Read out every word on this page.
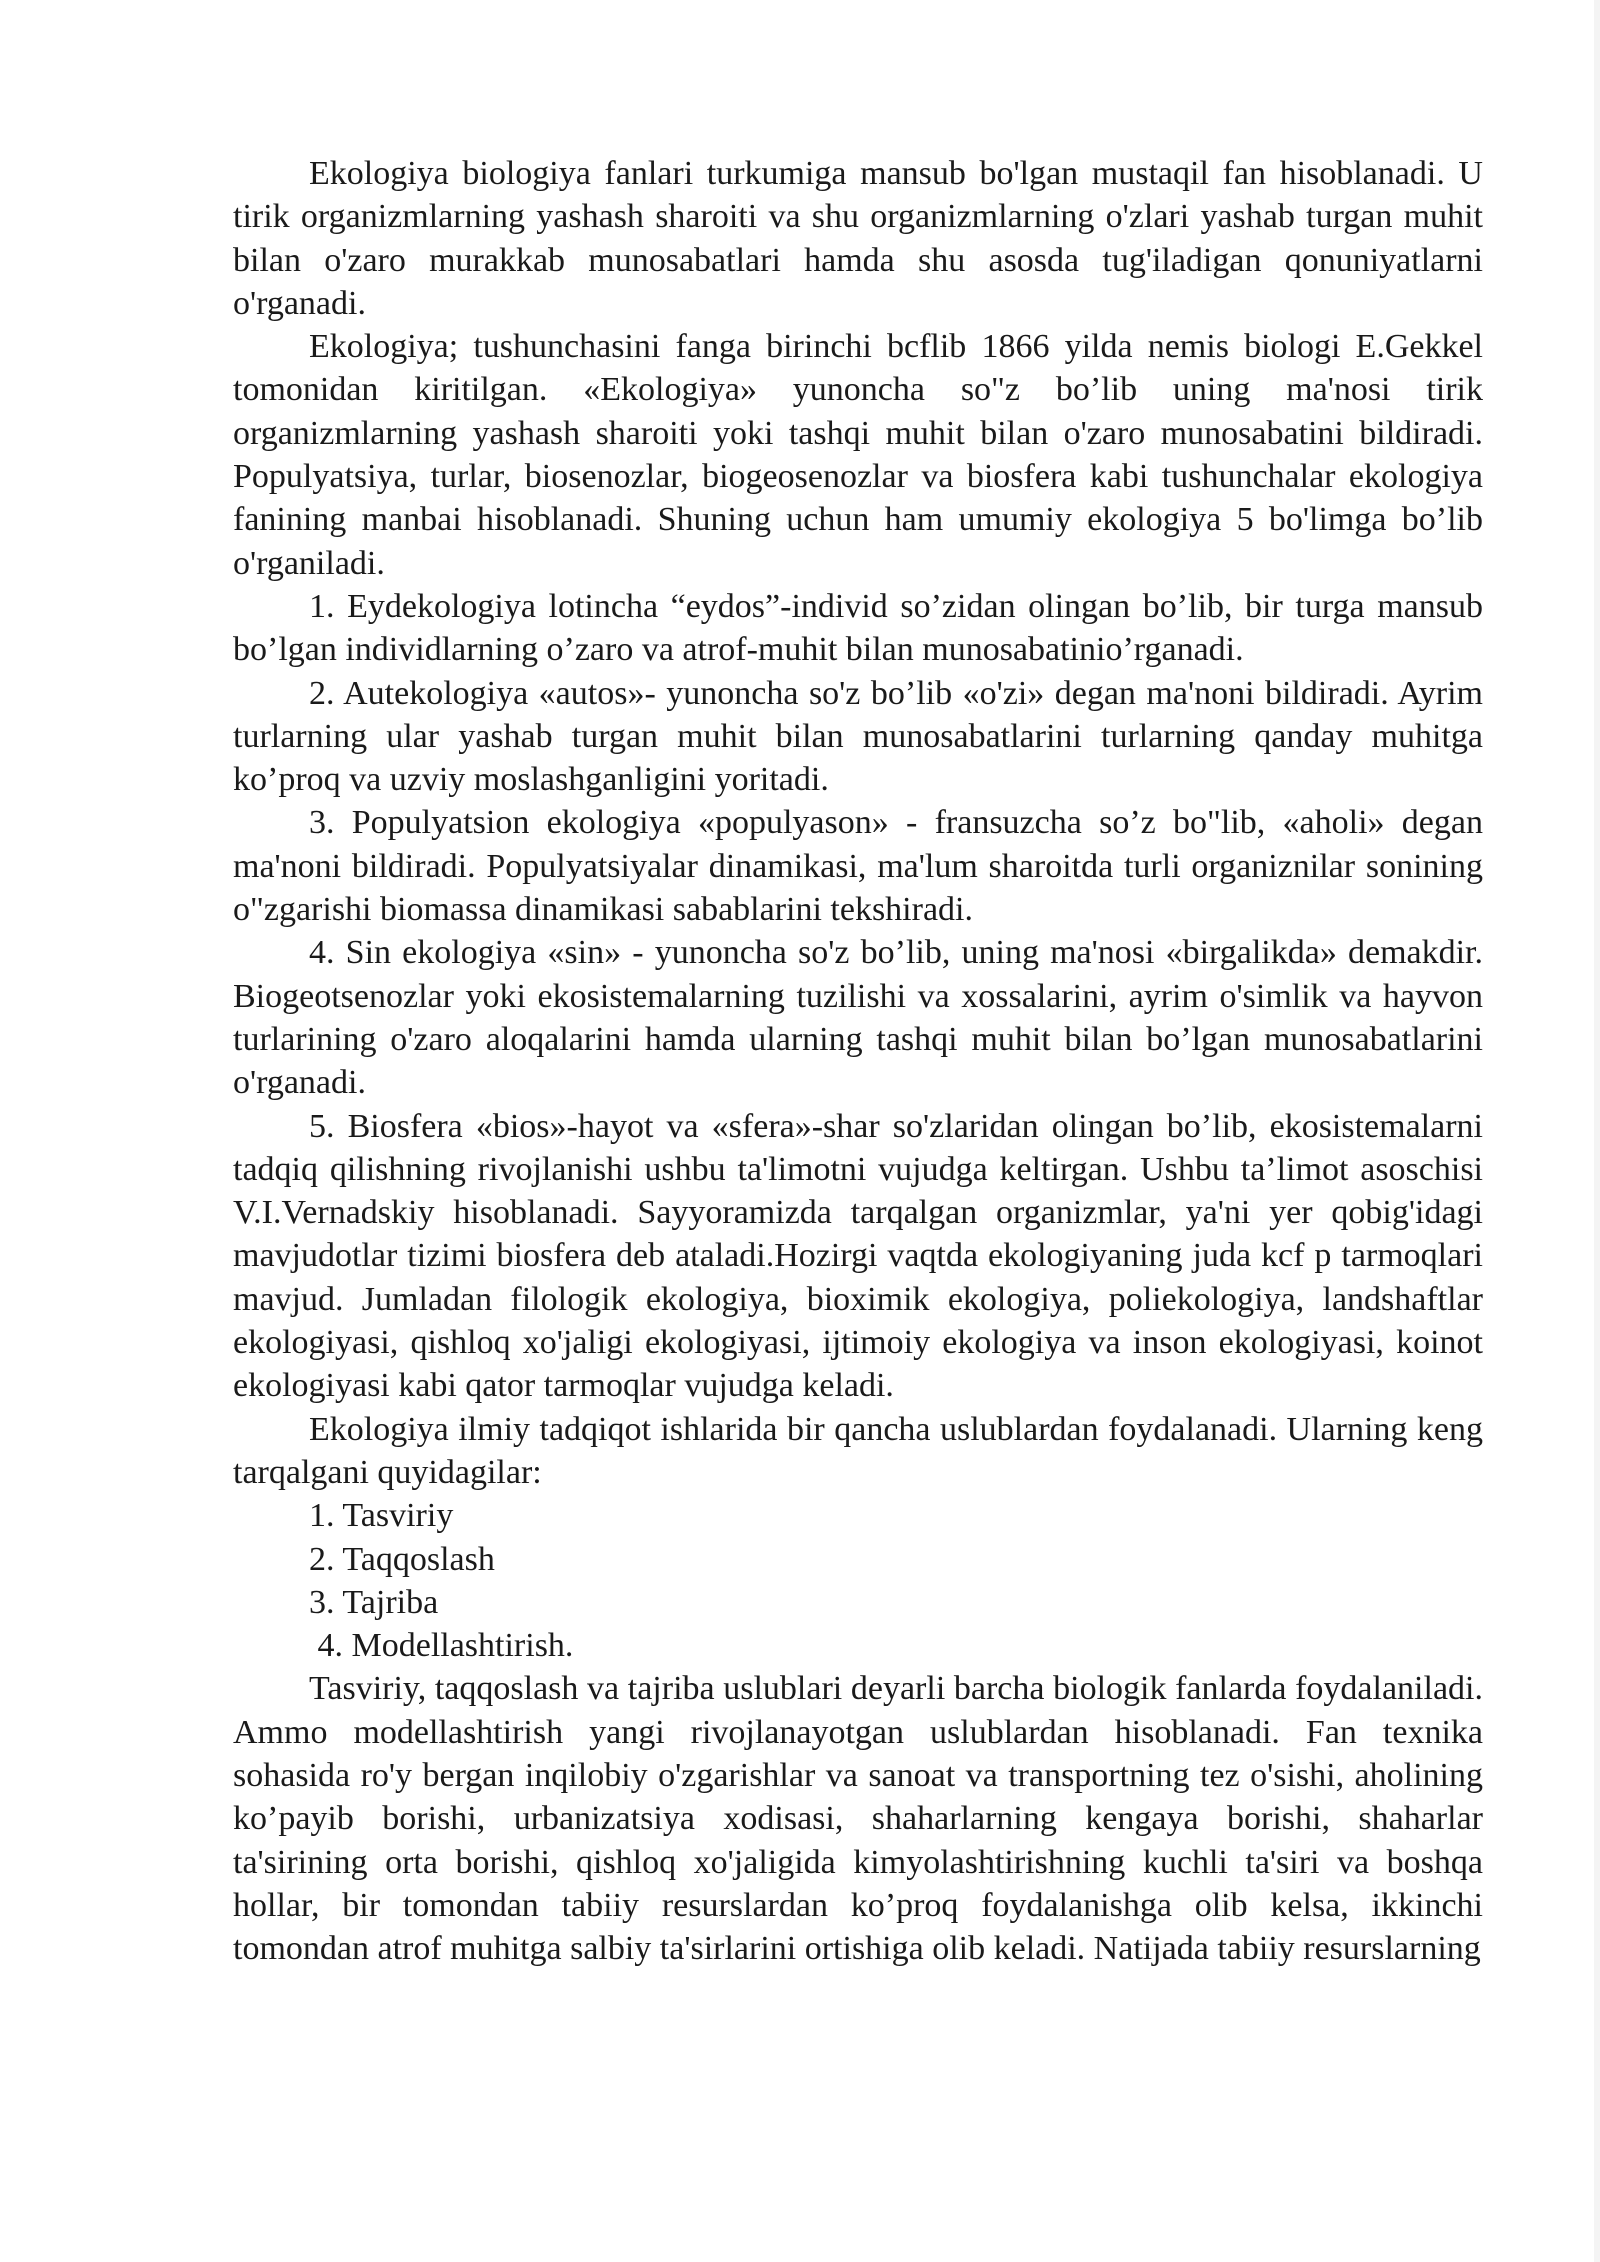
Ekologiya biologiya fanlari turkumiga mansub bo'lgan mustaqil fan hisoblanadi. U tirik organizmlarning yashash sharoiti va shu organizmlarning o'zlari yashab turgan muhit bilan o'zaro murakkab munosabatlari hamda shu asosda tug'iladigan qonuniyatlarni o'rganadi.

Ekologiya; tushunchasini fanga birinchi bcflib 1866 yilda nemis biologi E.Gekkel tomonidan kiritilgan. «Ekologiya» yunoncha so"z bo’lib uning ma'nosi tirik organizmlarning yashash sharoiti yoki tashqi muhit bilan o'zaro munosabatini bildiradi. Populyatsiya, turlar, biosenozlar, biogeosenozlar va biosfera kabi tushunchalar ekologiya fanining manbai hisoblanadi. Shuning uchun ham umumiy ekologiya 5 bo'limga bo’lib o'rganiladi.

1. Eydekologiya lotincha “eydos”-individ so’zidan olingan bo’lib, bir turga mansub bo’lgan individlarning o’zaro va atrof-muhit bilan munosabatinio’rganadi.

2. Autekologiya «autos»- yunoncha so'z bo’lib «o'zi» degan ma'noni bildiradi. Ayrim turlarning ular yashab turgan muhit bilan munosabatlarini turlarning qanday muhitga ko’proq va uzviy moslashganligini yoritadi.

3. Populyatsion ekologiya «populyason» - fransuzcha so’z bo"lib, «aholi» degan ma'noni bildiradi. Populyatsiyalar dinamikasi, ma'lum sharoitda turli organiznilar sonining o"zgarishi biomassa dinamikasi sabablarini tekshiradi.

4. Sin ekologiya «sin» - yunoncha so'z bo’lib, uning ma'nosi «birgalikda» demakdir. Biogeotsenozlar yoki ekosistemalarning tuzilishi va xossalarini, ayrim o'simlik va hayvon turlarining o'zaro aloqalarini hamda ularning tashqi muhit bilan bo’lgan munosabatlarini o'rganadi.

5. Biosfera «bios»-hayot va «sfera»-shar so'zlaridan olingan bo’lib, ekosistemalarni tadqiq qilishning rivojlanishi ushbu ta'limotni vujudga keltirgan. Ushbu ta’limot asoschisi V.I.Vernadskiy hisoblanadi. Sayyoramizda tarqalgan organizmlar, ya'ni yer qobig'idagi mavjudotlar tizimi biosfera deb ataladi.Hozirgi vaqtda ekologiyaning juda kcf p tarmoqlari mavjud. Jumladan filologik ekologiya, bioximik ekologiya, poliekologiya, landshaftlar ekologiyasi, qishloq xo'jaligi ekologiyasi, ijtimoiy ekologiya va inson ekologiyasi, koinot ekologiyasi kabi qator tarmoqlar vujudga keladi.

Ekologiya ilmiy tadqiqot ishlarida bir qancha uslublardan foydalanadi. Ularning keng tarqalgani quyidagilar:

1. Tasviriy

2. Taqqoslash

3. Tajriba

4. Modellashtirish.

Tasviriy, taqqoslash va tajriba uslublari deyarli barcha biologik fanlarda foydalaniladi. Ammo modellashtirish yangi rivojlanayotgan uslublardan hisoblanadi. Fan texnika sohasida ro'y bergan inqilobiy o'zgarishlar va sanoat va transportning tez o'sishi, aholining ko’payib borishi, urbanizatsiya xodisasi, shaharlarning kengaya borishi, shaharlar ta'sirining orta borishi, qishloq xo'jaligida kimyolashtirishning kuchli ta'siri va boshqa hollar, bir tomondan tabiiy resurslardan ko’proq foydalanishga olib kelsa, ikkinchi tomondan atrof muhitga salbiy ta'sirlarini ortishiga olib keladi. Natijada tabiiy resurslarning
